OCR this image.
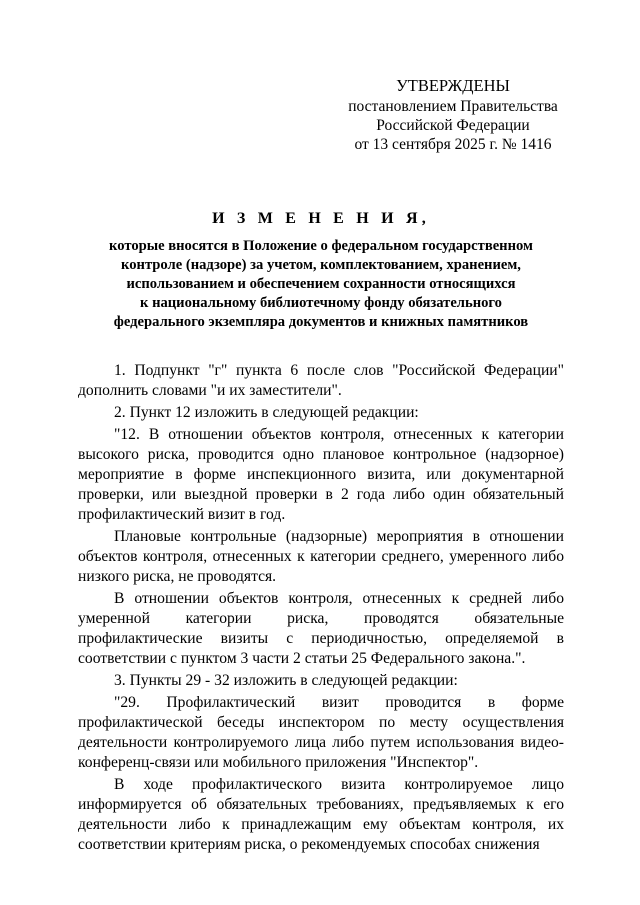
УТВЕРЖДЕНЫ
постановлением Правительства
Российской Федерации
от 13 сентября 2025 г. № 1416
И З М Е Н Е Н И Я,
которые вносятся в Положение о федеральном государственном
контроле (надзоре) за учетом, комплектованием, хранением,
использованием и обеспечением сохранности относящихся
к национальному библиотечному фонду обязательного
федерального экземпляра документов и книжных памятников

1. Подпункт "г" пункта 6 после слов "Российской Федерации" дополнить словами "и их заместители".

2. Пункт 12 изложить в следующей редакции:

"12. В отношении объектов контроля, отнесенных к категории высокого риска, проводится одно плановое контрольное (надзорное) мероприятие в форме инспекционного визита, или документарной проверки, или выездной проверки в 2 года либо один обязательный профилактический визит в год.

Плановые контрольные (надзорные) мероприятия в отношении объектов контроля, отнесенных к категории среднего, умеренного либо низкого риска, не проводятся.

В отношении объектов контроля, отнесенных к средней либо умеренной категории риска, проводятся обязательные профилактические визиты с периодичностью, определяемой в соответствии с пунктом 3 части 2 статьи 25 Федерального закона.".

3. Пункты 29 - 32 изложить в следующей редакции:

"29. Профилактический визит проводится в форме профилактической беседы инспектором по месту осуществления деятельности контролируемого лица либо путем использования видео-конференц-связи или мобильного приложения "Инспектор".

В ходе профилактического визита контролируемое лицо информируется об обязательных требованиях, предъявляемых к его деятельности либо к принадлежащим ему объектам контроля, их соответствии критериям риска, о рекомендуемых способах снижения
